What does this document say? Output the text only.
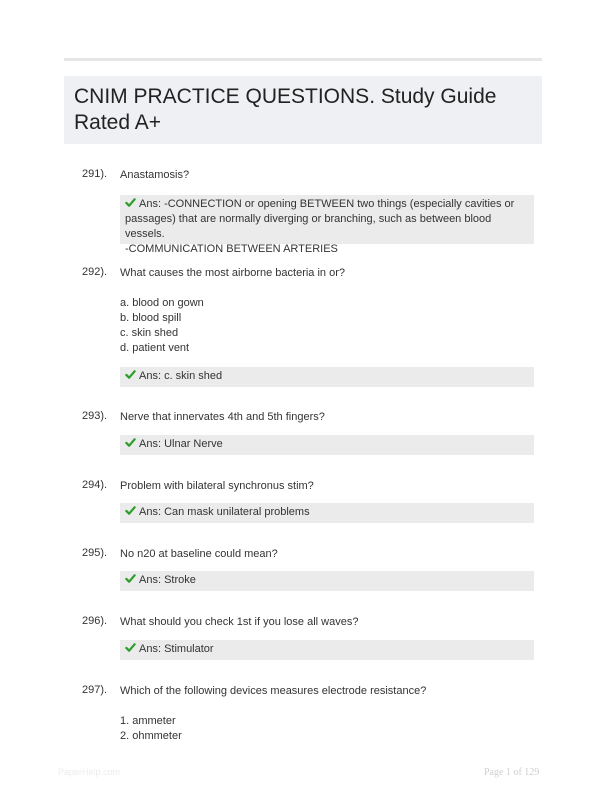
CNIM PRACTICE QUESTIONS. Study Guide Rated A+
291). Anastamosis?
Ans: -CONNECTION or opening BETWEEN two things (especially cavities or
passages) that are normally diverging or branching, such as between blood vessels.
-COMMUNICATION BETWEEN ARTERIES
292). What causes the most airborne bacteria in or?
a. blood on gown
b. blood spill
c. skin shed
d. patient vent
Ans: c. skin shed
293). Nerve that innervates 4th and 5th fingers?
Ans: Ulnar Nerve
294). Problem with bilateral synchronus stim?
Ans: Can mask unilateral problems
295). No n20 at baseline could mean?
Ans: Stroke
296). What should you check 1st if you lose all waves?
Ans: Stimulator
297). Which of the following devices measures electrode resistance?
1. ammeter
2. ohmmeter
PaperHelp.com	Page 1 of 129
